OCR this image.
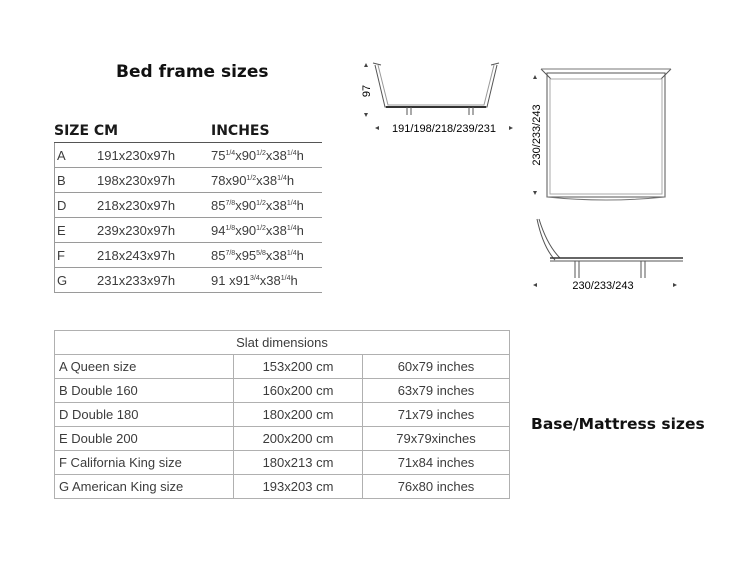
Bed frame sizes
SIZE CM	INCHES
A 191x230x97h	$75^{1/4}x90^{1/2}x38^{1/4}h$
B 198x230x97h	$78x90^{1/2}x38^{1/4}h$
D 218x230x97h	$85^{7/8}x90^{1/2}x38^{1/4}h$
E 239x230x97h	$94^{1/8}x90^{1/2}x38^{1/4}h$
F 218x243x97h	$85^{7/8}x95^{5/8}x38^{1/4}h$
G 231x233x97h	91 $x91^{3/4}x38^{1/4}h$
97
191/198/218/239/231	230/233/243
230/233/243
Slat dimensions		
A Queen size	153x200 cm	60x79 inches
B Double 160	160x200 cm	63x79 inches
D Double 180	180x200 cm	71x79 inches
E Double 200	200x200 cm	79x79xinches
F California King size	180x213 cm	71x84 inches
G American King size	193x203 cm	76x80 inches
Base/Mattress sizes
